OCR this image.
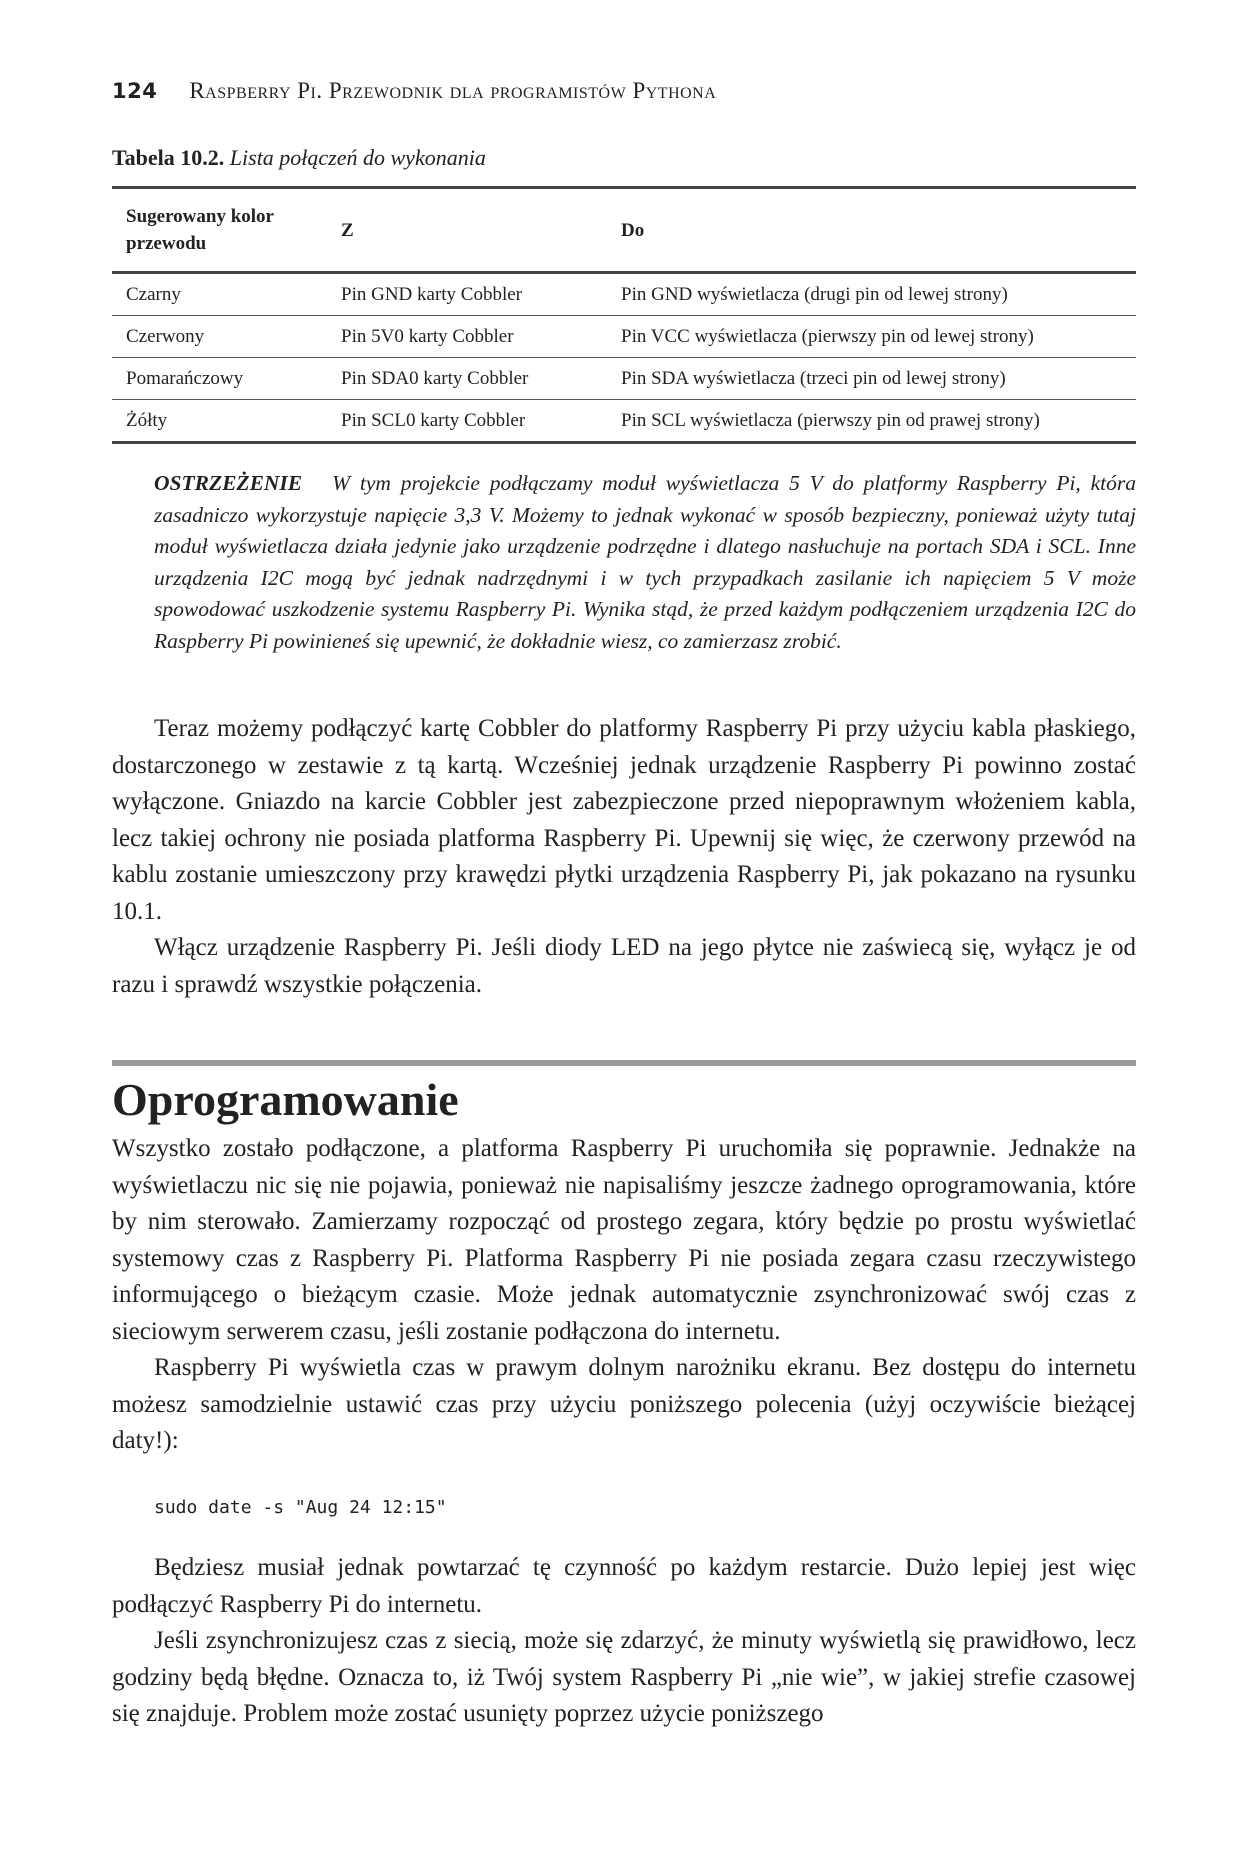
124 Raspberry Pi. Przewodnik dla programistów Pythona
Tabela 10.2. Lista połączeń do wykonania
Sugerowany kolor przewodu	Z	Do
Czarny	Pin GND karty Cobbler	Pin GND wyświetlacza (drugi pin od lewej strony)
Czerwony	Pin 5V0 karty Cobbler	Pin VCC wyświetlacza (pierwszy pin od lewej strony)
Pomarańczowy	Pin SDA0 karty Cobbler	Pin SDA wyświetlacza (trzeci pin od lewej strony)
Żółty	Pin SCL0 karty Cobbler	Pin SCL wyświetlacza (pierwszy pin od prawej strony)
OSTRZEŻENIE W tym projekcie podłączamy moduł wyświetlacza 5 V do platformy Raspberry Pi, która zasadniczo wykorzystuje napięcie 3,3 V. Możemy to jednak wykonać w sposób bezpieczny, ponieważ użyty tutaj moduł wyświetlacza działa jedynie jako urządzenie podrzędne i dlatego nasłuchuje na portach SDA i SCL. Inne urządzenia I2C mogą być jednak nadrzędnymi i w tych przypadkach zasilanie ich napięciem 5 V może spowodować uszkodzenie systemu Raspberry Pi. Wynika stąd, że przed każdym podłączeniem urządzenia I2C do Raspberry Pi powinieneś się upewnić, że dokładnie wiesz, co zamierzasz zrobić.

Teraz możemy podłączyć kartę Cobbler do platformy Raspberry Pi przy użyciu kabla płaskiego, dostarczonego w zestawie z tą kartą. Wcześniej jednak urządzenie Raspberry Pi powinno zostać wyłączone. Gniazdo na karcie Cobbler jest zabezpieczone przed niepoprawnym włożeniem kabla, lecz takiej ochrony nie posiada platforma Raspberry Pi. Upewnij się więc, że czerwony przewód na kablu zostanie umieszczony przy krawędzi płytki urządzenia Raspberry Pi, jak pokazano na rysunku 10.1.

Włącz urządzenie Raspberry Pi. Jeśli diody LED na jego płytce nie zaświecą się, wyłącz je od razu i sprawdź wszystkie połączenia.

Oprogramowanie

Wszystko zostało podłączone, a platforma Raspberry Pi uruchomiła się poprawnie. Jednakże na wyświetlaczu nic się nie pojawia, ponieważ nie napisaliśmy jeszcze żadnego oprogramowania, które by nim sterowało. Zamierzamy rozpocząć od prostego zegara, który będzie po prostu wyświetlać systemowy czas z Raspberry Pi. Platforma Raspberry Pi nie posiada zegara czasu rzeczywistego informującego o bieżącym czasie. Może jednak automatycznie zsynchronizować swój czas z sieciowym serwerem czasu, jeśli zostanie podłączona do internetu.

Raspberry Pi wyświetla czas w prawym dolnym narożniku ekranu. Bez dostępu do internetu możesz samodzielnie ustawić czas przy użyciu poniższego polecenia (użyj oczywiście bieżącej daty!):

sudo date -s "Aug 24 12:15"

Będziesz musiał jednak powtarzać tę czynność po każdym restarcie. Dużo lepiej jest więc podłączyć Raspberry Pi do internetu.

Jeśli zsynchronizujesz czas z siecią, może się zdarzyć, że minuty wyświetlą się prawidłowo, lecz godziny będą błędne. Oznacza to, iż Twój system Raspberry Pi „nie wie”, w jakiej strefie czasowej się znajduje. Problem może zostać usunięty poprzez użycie poniższego
